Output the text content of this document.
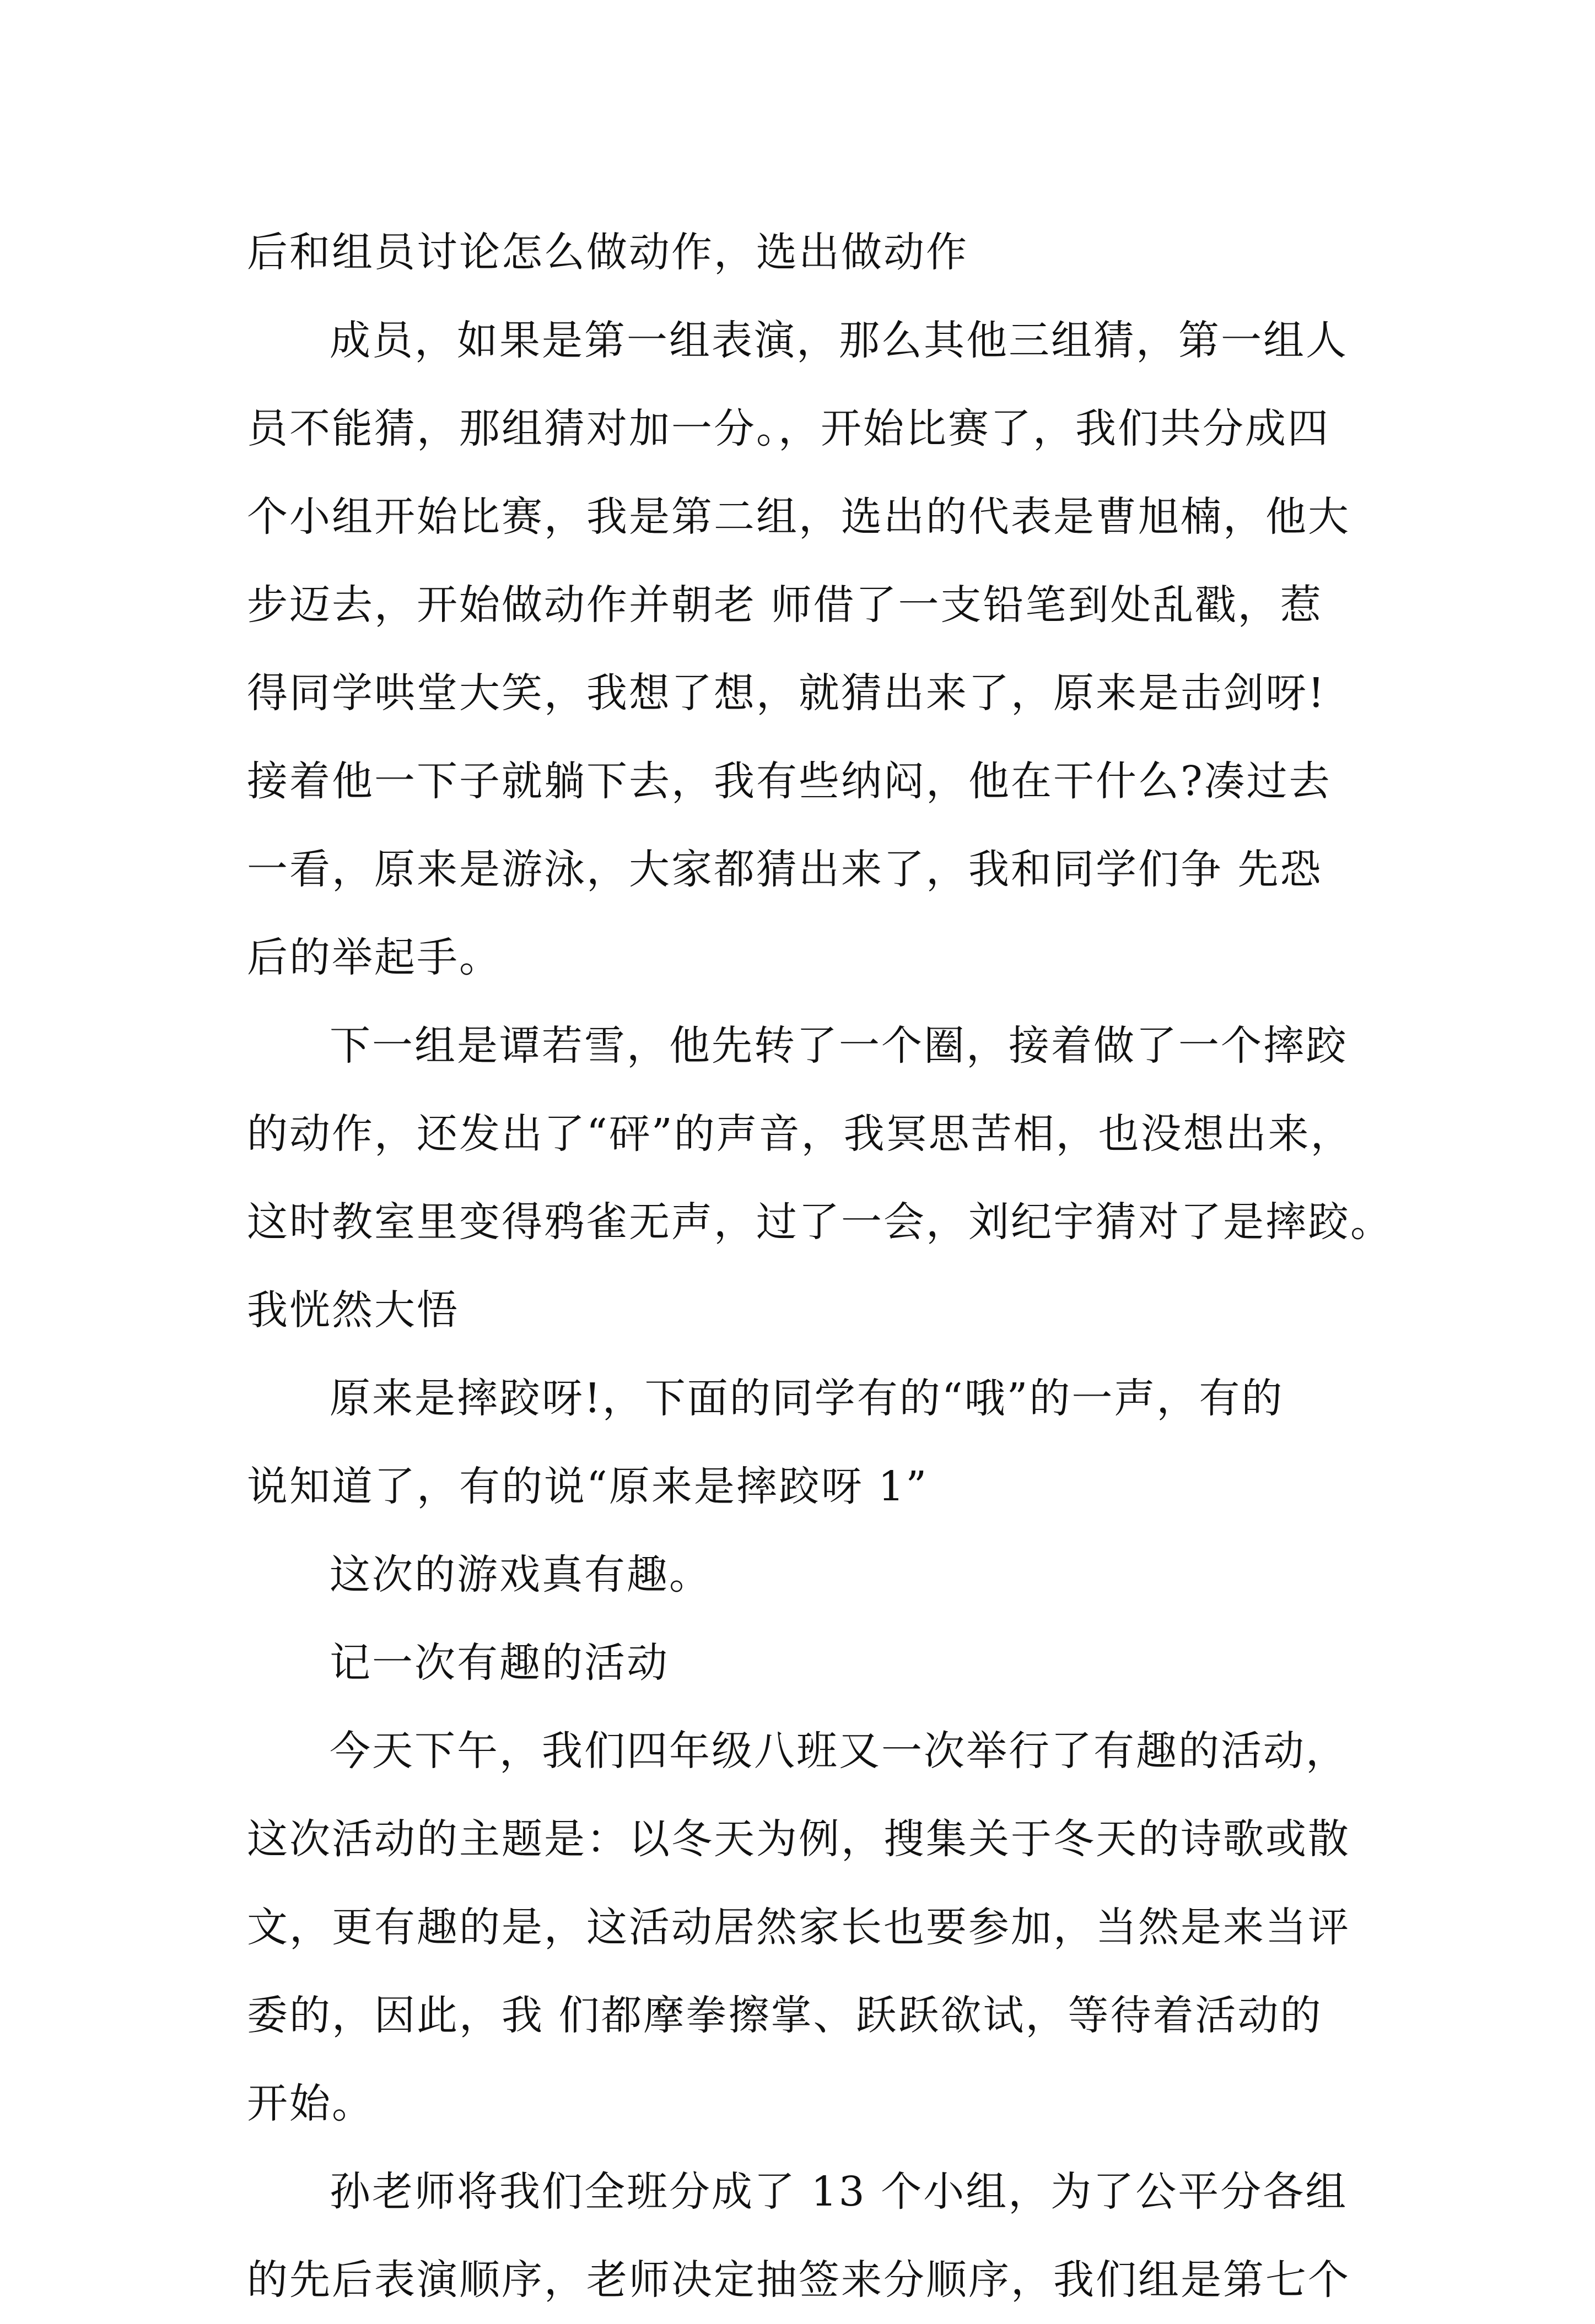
后和组员讨论怎么做动作，选出做动作
成员，如果是第一组表演，那么其他三组猜，第一组人
员不能猜，那组猜对加一分。，开始比赛了，我们共分成四
个小组开始比赛，我是第二组，选出的代表是曹旭楠，他大
步迈去，开始做动作并朝老 师借了一支铅笔到处乱戳，惹
得同学哄堂大笑，我想了想，就猜出来了，原来是击剑呀!
接着他一下子就躺下去，我有些纳闷，他在干什么?凑过去
一看，原来是游泳，大家都猜出来了，我和同学们争 先恐
后的举起手。
下一组是谭若雪，他先转了一个圈，接着做了一个摔跤
的动作，还发出了“砰”的声音，我冥思苦相，也没想出来，
这时教室里变得鸦雀无声，过了一会，刘纪宇猜对了是摔跤。
我恍然大悟
原来是摔跤呀!，下面的同学有的“哦”的一声，有的
说知道了，有的说“原来是摔跤呀 1”
这次的游戏真有趣。
记一次有趣的活动
今天下午，我们四年级八班又一次举行了有趣的活动，
这次活动的主题是：以冬天为例，搜集关于冬天的诗歌或散
文，更有趣的是，这活动居然家长也要参加，当然是来当评
委的，因此，我 们都摩拳擦掌、跃跃欲试，等待着活动的
开始。
孙老师将我们全班分成了 13 个小组，为了公平分各组
的先后表演顺序，老师决定抽签来分顺序，我们组是第七个
